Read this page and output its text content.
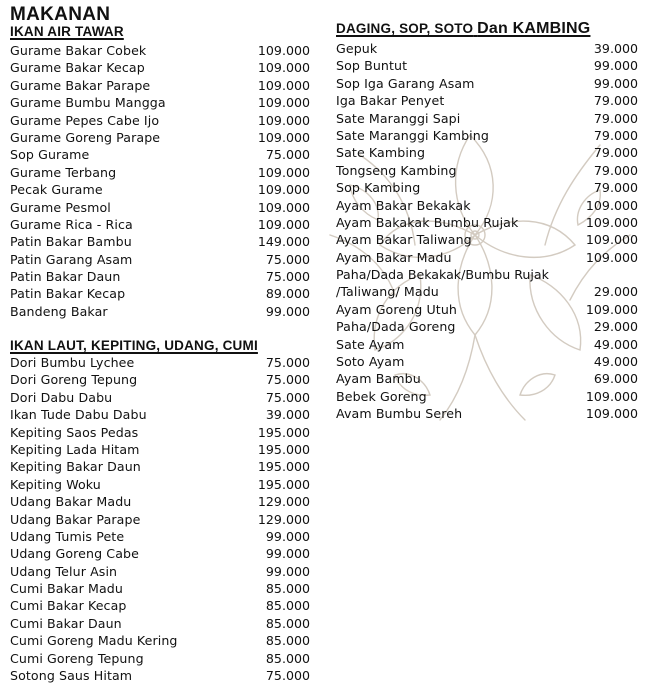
MAKANAN
IKAN AIR TAWAR
Gurame Bakar Cobek	109.000
Gurame Bakar Kecap	109.000
Gurame Bakar Parape	109.000
Gurame Bumbu Mangga	109.000
Gurame Pepes Cabe Ijo	109.000
Gurame Goreng Parape	109.000
Sop Gurame	75.000
Gurame Terbang	109.000
Pecak Gurame	109.000
Gurame Pesmol	109.000
Gurame Rica - Rica	109.000
Patin Bakar Bambu	149.000
Patin Garang Asam	75.000
Patin Bakar Daun	75.000
Patin Bakar Kecap	89.000
Bandeng Bakar	99.000
IKAN LAUT, KEPITING, UDANG, CUMI
Dori Bumbu Lychee	75.000
Dori Goreng Tepung	75.000
Dori Dabu Dabu	75.000
Ikan Tude Dabu Dabu	39.000
Kepiting Saos Pedas	195.000
Kepiting Lada Hitam	195.000
Kepiting Bakar Daun	195.000
Kepiting Woku	195.000
Udang Bakar Madu	129.000
Udang Bakar Parape	129.000
Udang Tumis Pete	99.000
Udang Goreng Cabe	99.000
Udang Telur Asin	99.000
Cumi Bakar Madu	85.000
Cumi Bakar Kecap	85.000
Cumi Bakar Daun	85.000
Cumi Goreng Madu Kering	85.000
Cumi Goreng Tepung	85.000
Sotong Saus Hitam	75.000
DAGING, SOP, SOTO Dan KAMBING
Gepuk	39.000
Sop Buntut	99.000
Sop Iga Garang Asam	99.000
Iga Bakar Penyet	79.000
Sate Maranggi Sapi	79.000
Sate Maranggi Kambing	79.000
Sate Kambing	79.000
Tongseng Kambing	79.000
Sop Kambing	79.000
Ayam Bakar Bekakak	109.000
Ayam Bakakak Bumbu Rujak	109.000
Ayam Bakar Taliwang	109.000
Ayam Bakar Madu	109.000
Paha/Dada Bekakak/Bumbu Rujak
/Taliwang/ Madu	29.000
Ayam Goreng Utuh	109.000
Paha/Dada Goreng	29.000
Sate Ayam	49.000
Soto Ayam	49.000
Ayam Bambu	69.000
Bebek Goreng	109.000
Avam Bumbu Sereh	109.000
